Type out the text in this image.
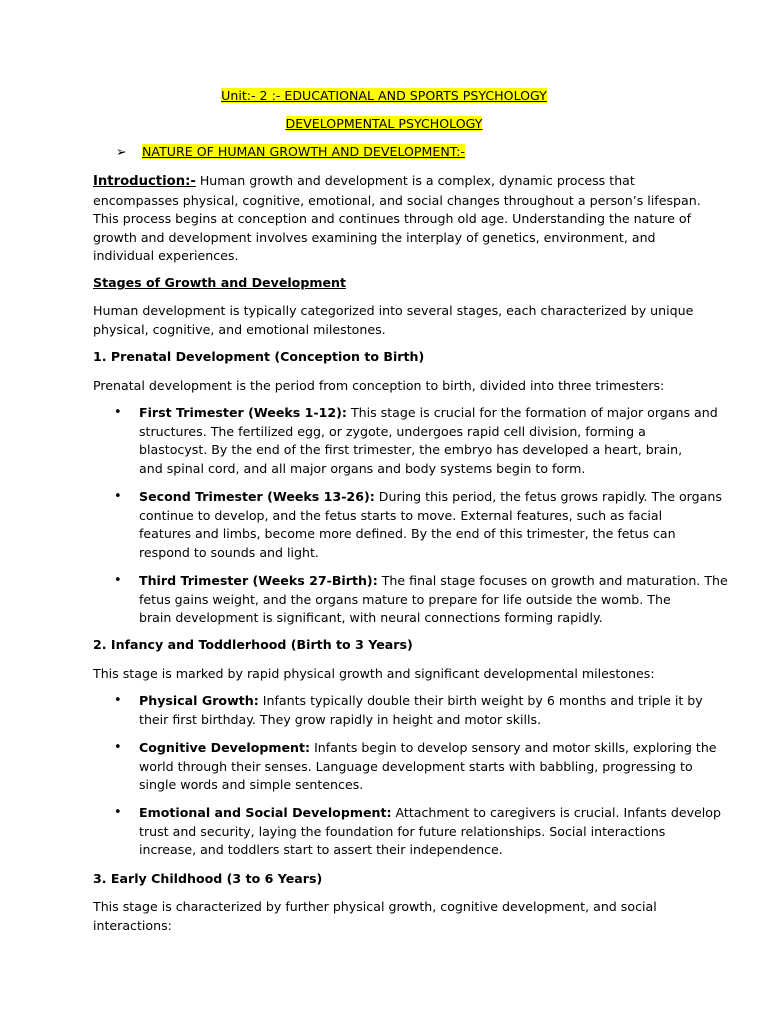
Unit:- 2 :- EDUCATIONAL AND SPORTS PSYCHOLOGY
DEVELOPMENTAL PSYCHOLOGY
➢ NATURE OF HUMAN GROWTH AND DEVELOPMENT:-
Introduction:- Human growth and development is a complex, dynamic process that
encompasses physical, cognitive, emotional, and social changes throughout a person’s lifespan.
This process begins at conception and continues through old age. Understanding the nature of
growth and development involves examining the interplay of genetics, environment, and
individual experiences.
Stages of Growth and Development
Human development is typically categorized into several stages, each characterized by unique
physical, cognitive, and emotional milestones.
1. Prenatal Development (Conception to Birth)
Prenatal development is the period from conception to birth, divided into three trimesters:
• First Trimester (Weeks 1-12): This stage is crucial for the formation of major organs and
structures. The fertilized egg, or zygote, undergoes rapid cell division, forming a
blastocyst. By the end of the first trimester, the embryo has developed a heart, brain,
and spinal cord, and all major organs and body systems begin to form.
• Second Trimester (Weeks 13-26): During this period, the fetus grows rapidly. The organs
continue to develop, and the fetus starts to move. External features, such as facial
features and limbs, become more defined. By the end of this trimester, the fetus can
respond to sounds and light.
• Third Trimester (Weeks 27-Birth): The final stage focuses on growth and maturation. The
fetus gains weight, and the organs mature to prepare for life outside the womb. The
brain development is significant, with neural connections forming rapidly.
2. Infancy and Toddlerhood (Birth to 3 Years)
This stage is marked by rapid physical growth and significant developmental milestones:
• Physical Growth: Infants typically double their birth weight by 6 months and triple it by
their first birthday. They grow rapidly in height and motor skills.
• Cognitive Development: Infants begin to develop sensory and motor skills, exploring the
world through their senses. Language development starts with babbling, progressing to
single words and simple sentences.
• Emotional and Social Development: Attachment to caregivers is crucial. Infants develop
trust and security, laying the foundation for future relationships. Social interactions
increase, and toddlers start to assert their independence.
3. Early Childhood (3 to 6 Years)
This stage is characterized by further physical growth, cognitive development, and social
interactions:
